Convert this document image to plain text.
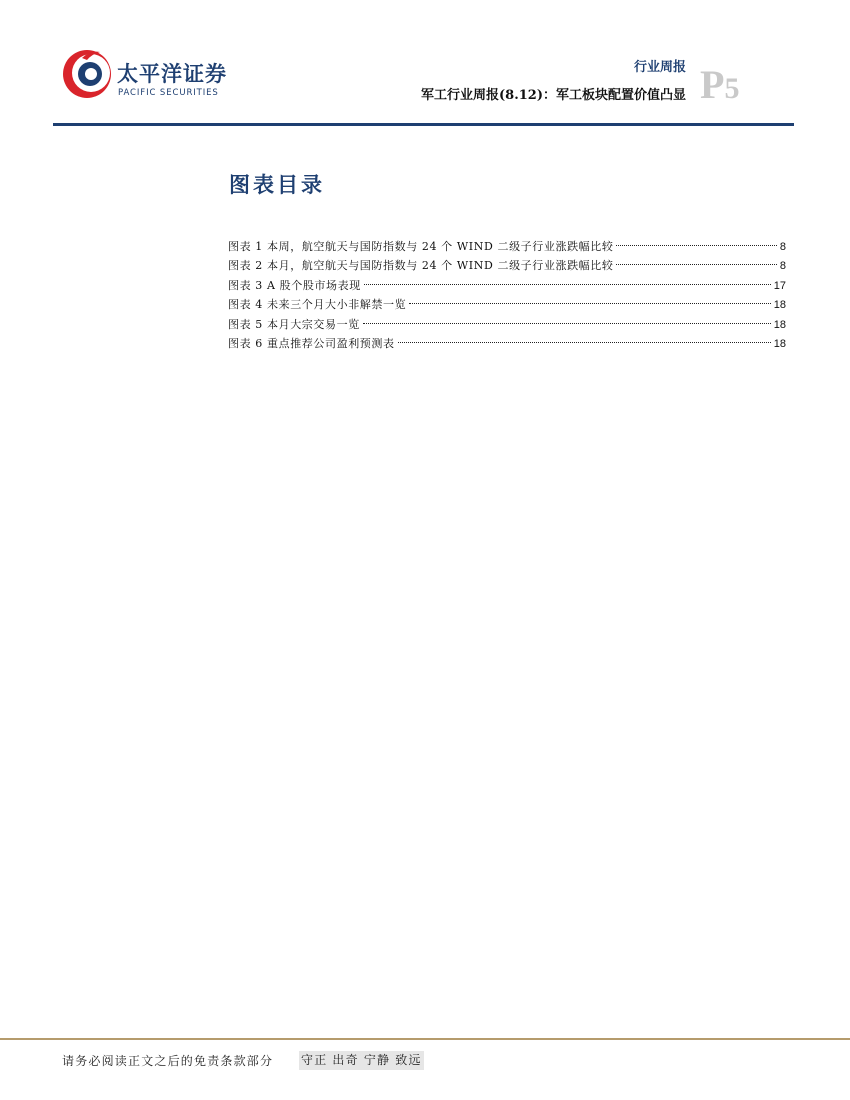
太平洋证券
PACIFIC SECURITIES
行业周报
军工行业周报(8.12)：军工板块配置价值凸显 P5
图表目录
图表 1 本周，航空航天与国防指数与 24 个 WIND 二级子行业涨跌幅比较	8
图表 2 本月，航空航天与国防指数与 24 个 WIND 二级子行业涨跌幅比较	8
图表 3 A 股个股市场表现	17
图表 4 未来三个月大小非解禁一览	18
图表 5 本月大宗交易一览	18
图表 6 重点推荐公司盈利预测表	18
请务必阅读正文之后的免责条款部分 守正 出奇 宁静 致远
